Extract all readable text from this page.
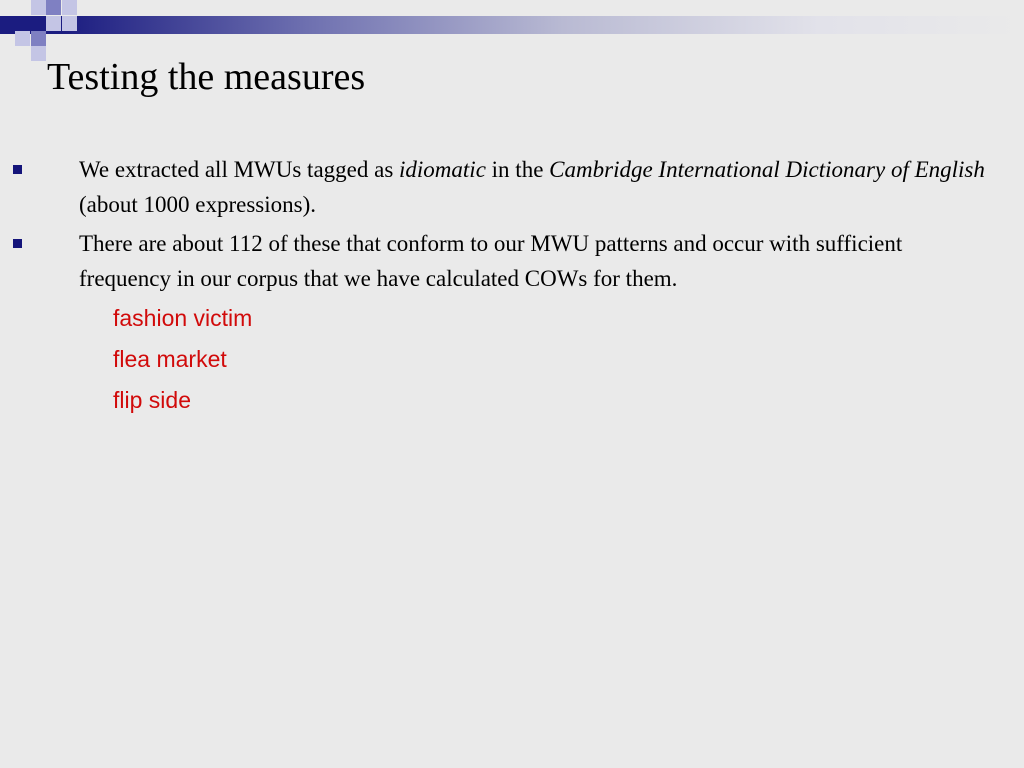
Testing the measures
We extracted all MWUs tagged as idiomatic in the Cambridge International Dictionary of English (about 1000 expressions).
There are about 112 of these that conform to our MWU patterns and occur with sufficient frequency in our corpus that we have calculated COWs for them.
fashion victim
flea market
flip side
